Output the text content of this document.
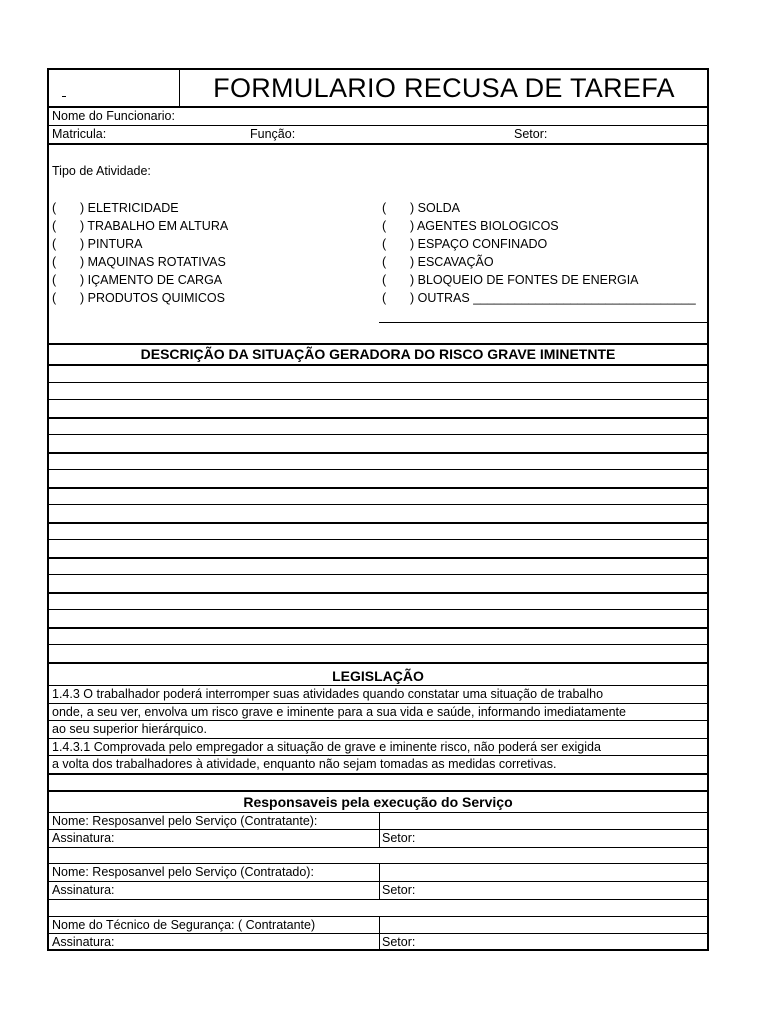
FORMULARIO RECUSA DE TAREFA
Nome do Funcionario:
Matricula:	Função:	Setor:
Tipo de Atividade:
( ) ELETRICIDADE
( ) TRABALHO EM ALTURA
( ) PINTURA
( ) MAQUINAS ROTATIVAS
( ) IÇAMENTO DE CARGA
( ) PRODUTOS QUIMICOS
( ) SOLDA
( ) AGENTES BIOLOGICOS
( ) ESPAÇO CONFINADO
( ) ESCAVAÇÃO
( ) BLOQUEIO DE FONTES DE ENERGIA
( ) OUTRAS ________________________________
DESCRIÇÃO DA SITUAÇÃO GERADORA DO RISCO GRAVE IMINETNTE
LEGISLAÇÃO
1.4.3 O trabalhador poderá interromper suas atividades quando constatar uma situação de trabalho
onde, a seu ver, envolva um risco grave e iminente para a sua vida e saúde, informando imediatamente
ao seu superior hierárquico.
1.4.3.1 Comprovada pelo empregador a situação de grave e iminente risco, não poderá ser exigida
a volta dos trabalhadores à atividade, enquanto não sejam tomadas as medidas corretivas.
Responsaveis pela execução do Serviço
Nome: Resposanvel pelo Serviço (Contratante):
Assinatura:	Setor:
Nome: Resposanvel pelo Serviço (Contratado):
Assinatura:	Setor:
Nome do Técnico de Segurança: ( Contratante)
Assinatura:	Setor:
